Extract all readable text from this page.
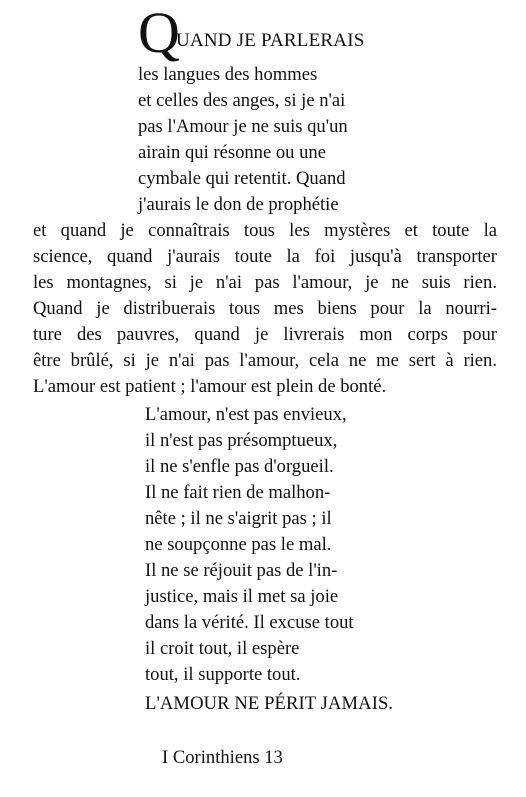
Q
UAND JE PARLERAIS
les langues des hommes
et celles des anges, si je n'ai
pas l'Amour je ne suis qu'un
airain qui résonne ou une
cymbale qui retentit. Quand
j'aurais le don de prophétie
et quand je connaîtrais tous les mystères et toute la
science, quand j'aurais toute la foi jusqu'à transporter
les montagnes, si je n'ai pas l'amour, je ne suis rien.
Quand je distribuerais tous mes biens pour la nourri-
ture des pauvres, quand je livrerais mon corps pour
être brûlé, si je n'ai pas l'amour, cela ne me sert à rien.
L'amour est patient ; l'amour est plein de bonté.
L'amour, n'est pas envieux,
il n'est pas présomptueux,
il ne s'enfle pas d'orgueil.
Il ne fait rien de malhon-
nête ; il ne s'aigrit pas ; il
ne soupçonne pas le mal.
Il ne se réjouit pas de l'in-
justice, mais il met sa joie
dans la vérité. Il excuse tout
il croit tout, il espère
tout, il supporte tout.
L'AMOUR NE PÉRIT JAMAIS.
I Corinthiens 13
